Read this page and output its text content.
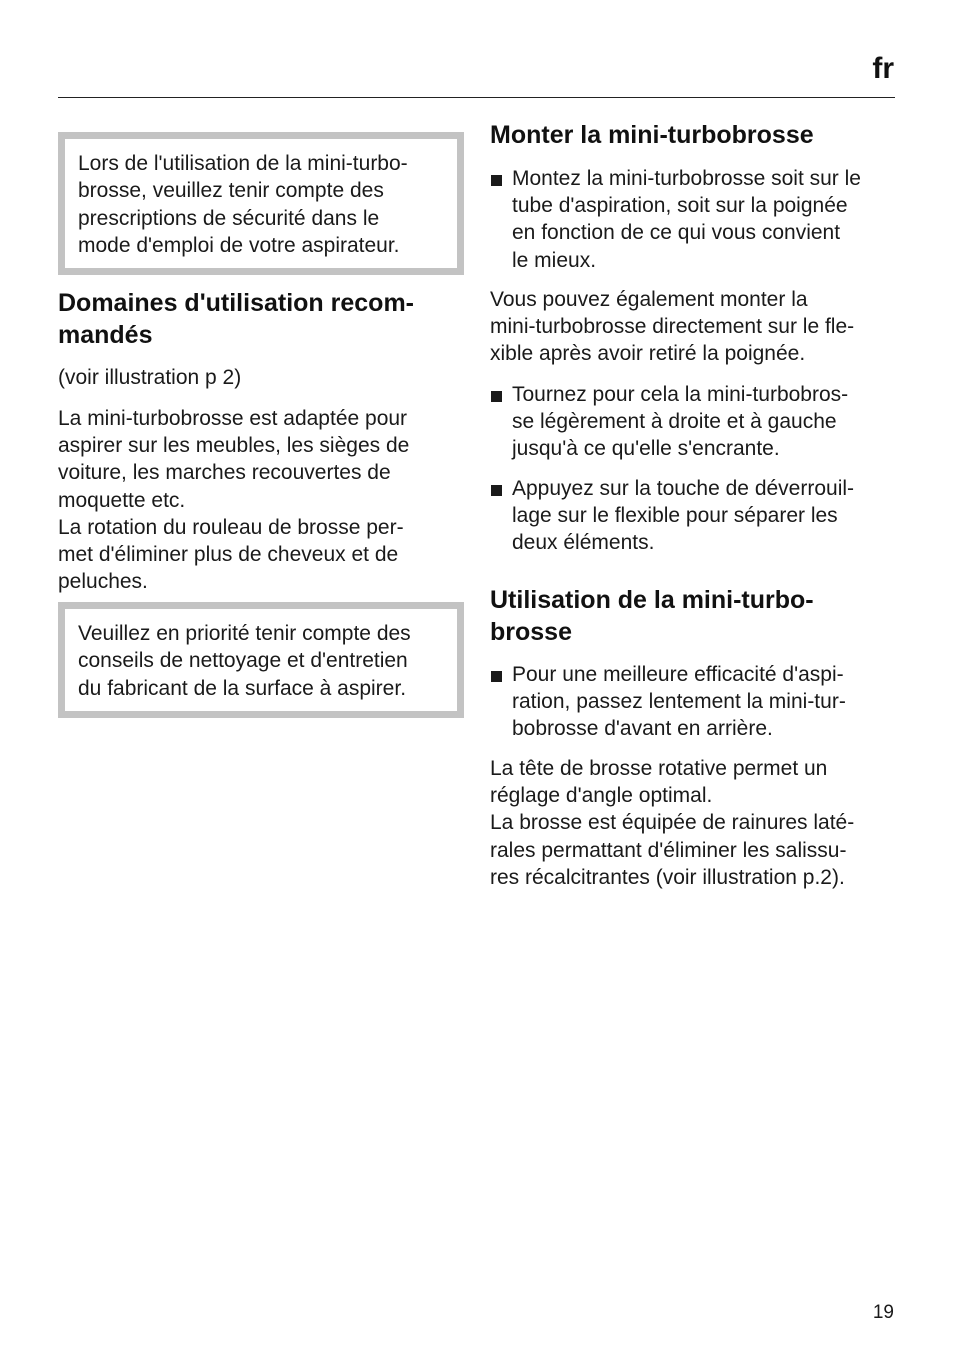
fr

Lors de l'utilisation de la mini-turbo-
brosse, veuillez tenir compte des
prescriptions de sécurité dans le
mode d'emploi de votre aspirateur.

Domaines d'utilisation recom-
mandés

(voir illustration p 2)

La mini-turbobrosse est adaptée pour
aspirer sur les meubles, les sièges de
voiture, les marches recouvertes de
moquette etc.
La rotation du rouleau de brosse per-
met d'éliminer plus de cheveux et de
peluches.

Veuillez en priorité tenir compte des
conseils de nettoyage et d'entretien
du fabricant de la surface à aspirer.

Monter la mini-turbobrosse
Montez la mini-turbobrosse soit sur le
tube d'aspiration, soit sur la poignée
en fonction de ce qui vous convient
le mieux.

Vous pouvez également monter la
mini-turbobrosse directement sur le fle-
xible après avoir retiré la poignée.

Tournez pour cela la mini-turbobros-
se légèrement à droite et à gauche
jusqu'à ce qu'elle s'encrante.
Appuyez sur la touche de déverrouil-
lage sur le flexible pour séparer les
deux éléments.
Utilisation de la mini-turbo-
brosse
Pour une meilleure efficacité d'aspi-
ration, passez lentement la mini-tur-
bobrosse d'avant en arrière.

La tête de brosse rotative permet un
réglage d'angle optimal.
La brosse est équipée de rainures laté-
rales permattant d'éliminer les salissu-
res récalcitrantes (voir illustration p.2).

19
